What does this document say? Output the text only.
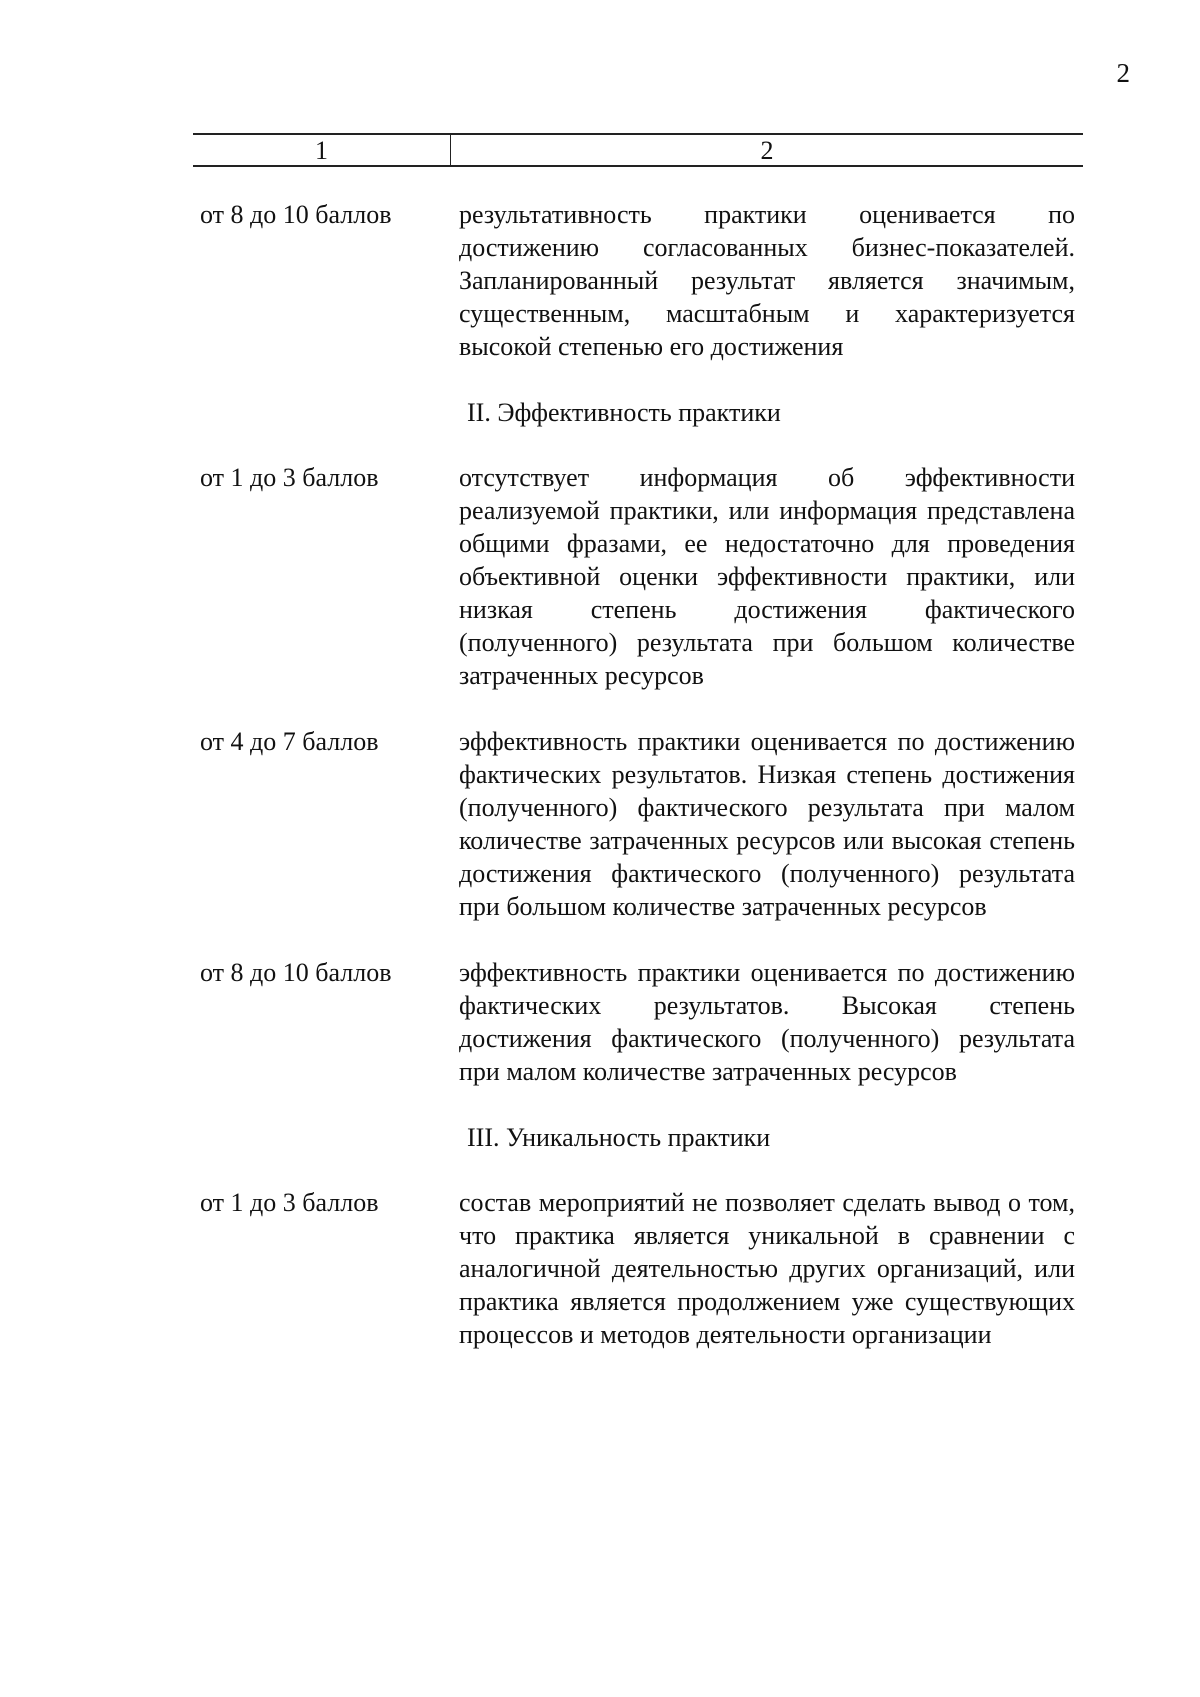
2
1	2
от 8 до 10 баллов	результативность практики оценивается по достижению согласованных бизнес-показателей. Запланированный результат является значимым, существенным, масштабным и характеризуется высокой степенью его достижения
II. Эффективность практики
от 1 до 3 баллов	отсутствует информация об эффективности реализуемой практики, или информация представлена общими фразами, ее недостаточно для проведения объективной оценки эффективности практики, или низкая степень достижения фактического (полученного) результата при большом количестве затраченных ресурсов
от 4 до 7 баллов	эффективность практики оценивается по достижению фактических результатов. Низкая степень достижения (полученного) фактического результата при малом количестве затраченных ресурсов или высокая степень достижения фактического (полученного) результата при большом количестве затраченных ресурсов
от 8 до 10 баллов	эффективность практики оценивается по достижению фактических результатов. Высокая степень достижения фактического (полученного) результата при малом количестве затраченных ресурсов
III. Уникальность практики
от 1 до 3 баллов	состав мероприятий не позволяет сделать вывод о том, что практика является уникальной в сравнении с аналогичной деятельностью других организаций, или практика является продолжением уже существующих процессов и методов деятельности организации
